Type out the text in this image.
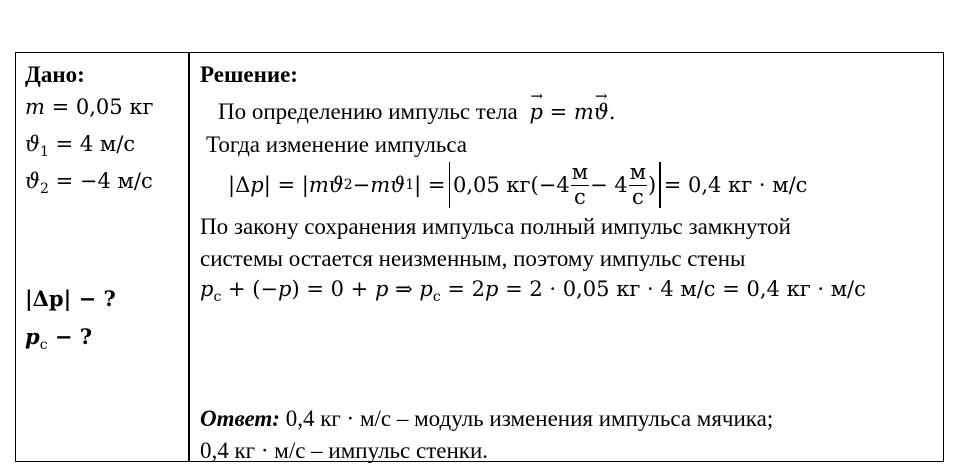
Дано:
m = 0,05 кг
$ϑ_1 = 4$ м/с
$ϑ_2 = -4$ м/с
|Δp| − ?
$p_c$ − ?
Решение:
По определению импульс тела → p = m→ ϑ.
Тогда изменение импульса
|Δ p | = | m ϑ 2 − m ϑ 1 | = 0,05 $кг(-4 \frac{м}{с} - 4 \frac{м}{с}$ ) = 0,4 кг · м/с
По закону сохранения импульса полный импульс замкнутой
системы остается неизменным, поэтому импульс стены
$p_с + (-p) = 0 + p$ ⇒ $p_с = 2p = 2 \cdot 0,05$ кг · 4 м/с = 0,4 кг · м/с
Ответ: 0,4 кг · м/с – модуль изменения импульса мячика;
0,4 кг · м/с – импульс стенки.
